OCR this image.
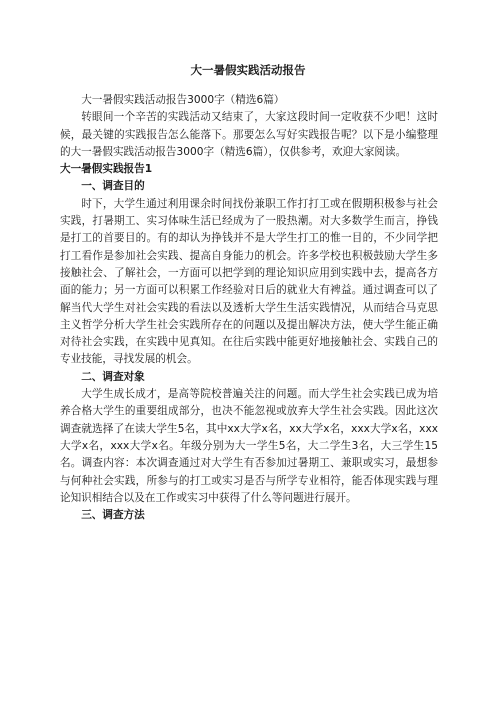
大一暑假实践活动报告

大一暑假实践活动报告3000字（精选6篇）

转眼间一个辛苦的实践活动又结束了，大家这段时间一定收获不少吧！这时候，最关键的实践报告怎么能落下。那要怎么写好实践报告呢？以下是小编整理的大一暑假实践活动报告3000字（精选6篇），仅供参考，欢迎大家阅读。

大一暑假实践报告1

一、调查目的

时下，大学生通过利用课余时间找份兼职工作打打工或在假期积极参与社会实践，打暑期工、实习体味生活已经成为了一股热潮。对大多数学生而言，挣钱是打工的首要目的。有的却认为挣钱并不是大学生打工的惟一目的，不少同学把打工看作是参加社会实践、提高自身能力的机会。许多学校也积极鼓励大学生多接触社会、了解社会，一方面可以把学到的理论知识应用到实践中去，提高各方面的能力；另一方面可以积累工作经验对日后的就业大有裨益。通过调查可以了解当代大学生对社会实践的看法以及透析大学生生活实践情况，从而结合马克思主义哲学分析大学生社会实践所存在的问题以及提出解决方法，使大学生能正确对待社会实践，在实践中见真知。在往后实践中能更好地接触社会、实践自己的专业技能，寻找发展的机会。

二、调查对象

大学生成长成才，是高等院校普遍关注的问题。而大学生社会实践已成为培养合格大学生的重要组成部分，也决不能忽视或放弃大学生社会实践。因此这次调查就选择了在读大学生5名，其中xx大学x名，xx大学x名，xxx大学x名，xxx大学x名，xxx大学x名。年级分别为大一学生5名，大二学生3名，大三学生15名。调查内容：本次调查通过对大学生有否参加过暑期工、兼职或实习，最想参与何种社会实践，所参与的打工或实习是否与所学专业相符，能否体现实践与理论知识相结合以及在工作或实习中获得了什么等问题进行展开。

三、调查方法
